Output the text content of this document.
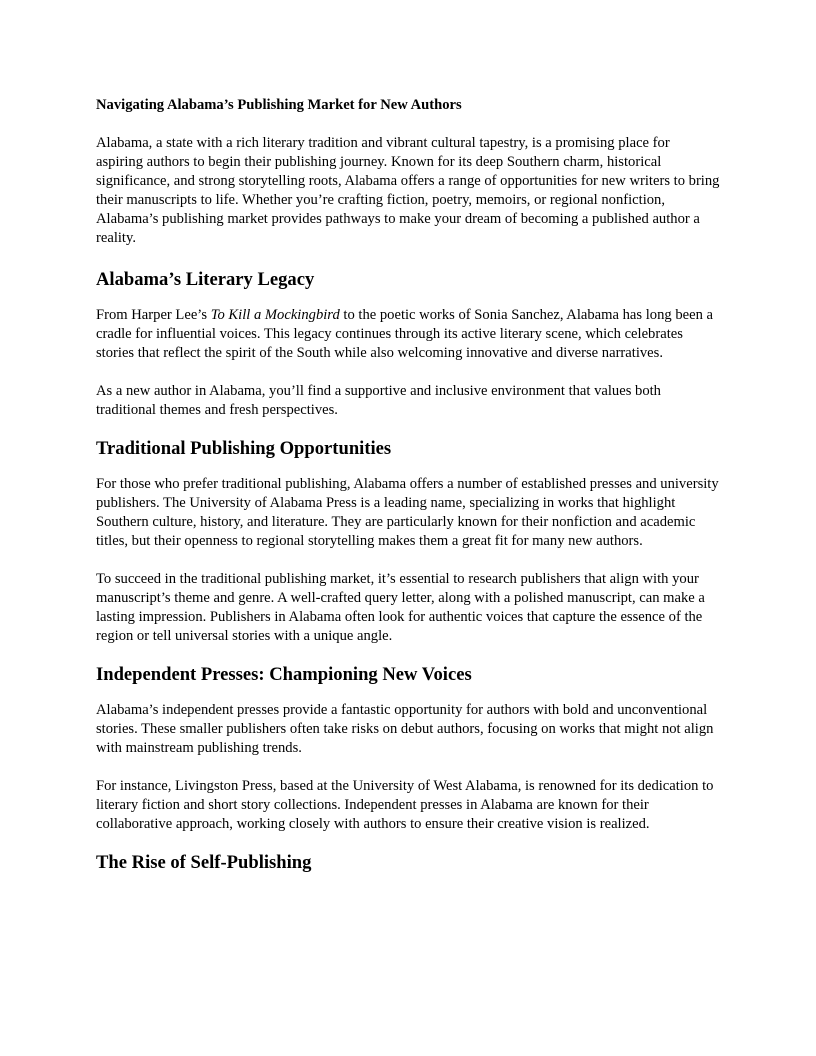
Navigating Alabama’s Publishing Market for New Authors

Alabama, a state with a rich literary tradition and vibrant cultural tapestry, is a promising place for aspiring authors to begin their publishing journey. Known for its deep Southern charm, historical significance, and strong storytelling roots, Alabama offers a range of opportunities for new writers to bring their manuscripts to life. Whether you’re crafting fiction, poetry, memoirs, or regional nonfiction, Alabama’s publishing market provides pathways to make your dream of becoming a published author a reality.

Alabama’s Literary Legacy

From Harper Lee’s To Kill a Mockingbird to the poetic works of Sonia Sanchez, Alabama has long been a cradle for influential voices. This legacy continues through its active literary scene, which celebrates stories that reflect the spirit of the South while also welcoming innovative and diverse narratives.

As a new author in Alabama, you’ll find a supportive and inclusive environment that values both traditional themes and fresh perspectives.

Traditional Publishing Opportunities

For those who prefer traditional publishing, Alabama offers a number of established presses and university publishers. The University of Alabama Press is a leading name, specializing in works that highlight Southern culture, history, and literature. They are particularly known for their nonfiction and academic titles, but their openness to regional storytelling makes them a great fit for many new authors.

To succeed in the traditional publishing market, it’s essential to research publishers that align with your manuscript’s theme and genre. A well-crafted query letter, along with a polished manuscript, can make a lasting impression. Publishers in Alabama often look for authentic voices that capture the essence of the region or tell universal stories with a unique angle.

Independent Presses: Championing New Voices

Alabama’s independent presses provide a fantastic opportunity for authors with bold and unconventional stories. These smaller publishers often take risks on debut authors, focusing on works that might not align with mainstream publishing trends.

For instance, Livingston Press, based at the University of West Alabama, is renowned for its dedication to literary fiction and short story collections. Independent presses in Alabama are known for their collaborative approach, working closely with authors to ensure their creative vision is realized.

The Rise of Self-Publishing
